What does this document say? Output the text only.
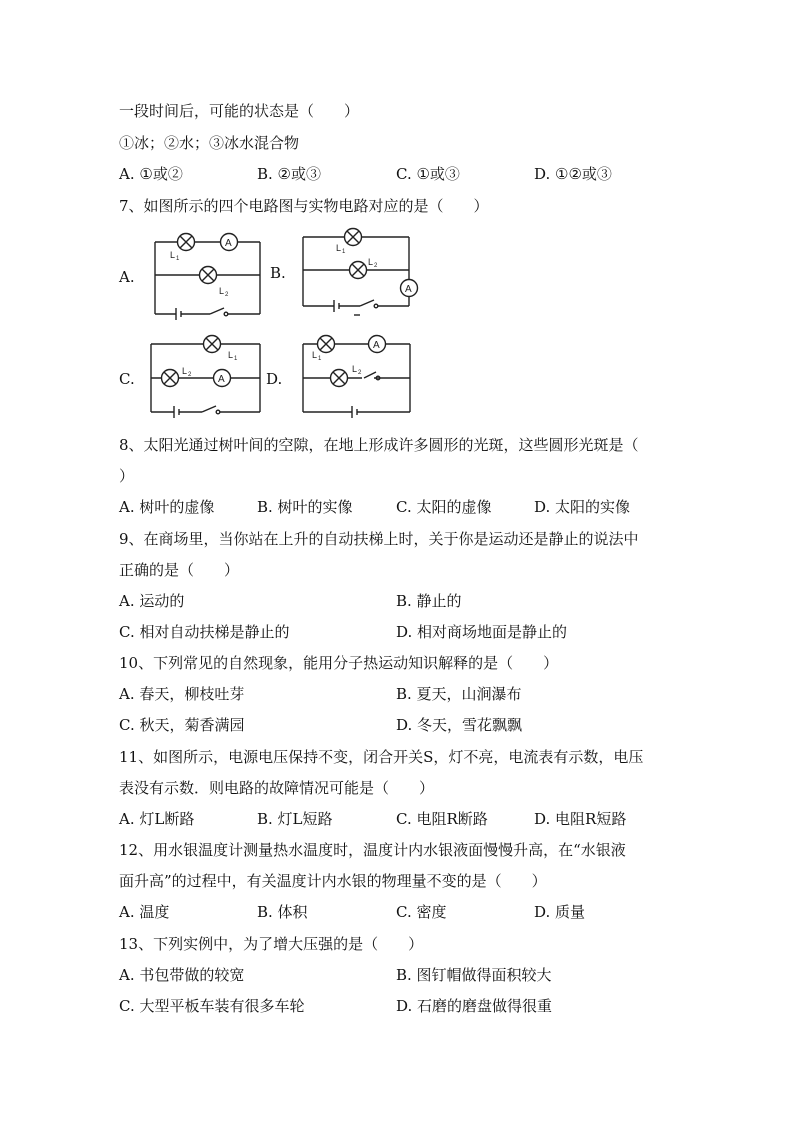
一段时间后，可能的状态是（　　）
①冰；②水；③冰水混合物
A. ①或②	B. ②或③	C. ①或③	D. ①②或③
7、如图所示的四个电路图与实物电路对应的是（　　）
A.	B.
C.	D.
A
L 1
L 2	A
L 1
L 2
A
L 1
L 2
A
L 1
L 2
8、太阳光通过树叶间的空隙，在地上形成许多圆形的光斑，这些圆形光斑是（
）
A. 树叶的虚像	B. 树叶的实像	C. 太阳的虚像	D. 太阳的实像
9、在商场里，当你站在上升的自动扶梯上时，关于你是运动还是静止的说法中
正确的是（　　）
A. 运动的	B. 静止的
C. 相对自动扶梯是静止的	D. 相对商场地面是静止的
10、下列常见的自然现象，能用分子热运动知识解释的是（　　）
A. 春天，柳枝吐芽	B. 夏天，山涧瀑布
C. 秋天，菊香满园	D. 冬天，雪花飘飘
11、如图所示，电源电压保持不变，闭合开关S，灯不亮，电流表有示数，电压
表没有示数．则电路的故障情况可能是（　　）
A. 灯L断路	B. 灯L短路	C. 电阻R断路	D. 电阻R短路
12、用水银温度计测量热水温度时，温度计内水银液面慢慢升高，在“水银液
面升高”的过程中，有关温度计内水银的物理量不变的是（　　）
A. 温度	B. 体积	C. 密度	D. 质量
13、下列实例中，为了增大压强的是（　　）
A. 书包带做的较宽	B. 图钉帽做得面积较大
C. 大型平板车装有很多车轮	D. 石磨的磨盘做得很重
